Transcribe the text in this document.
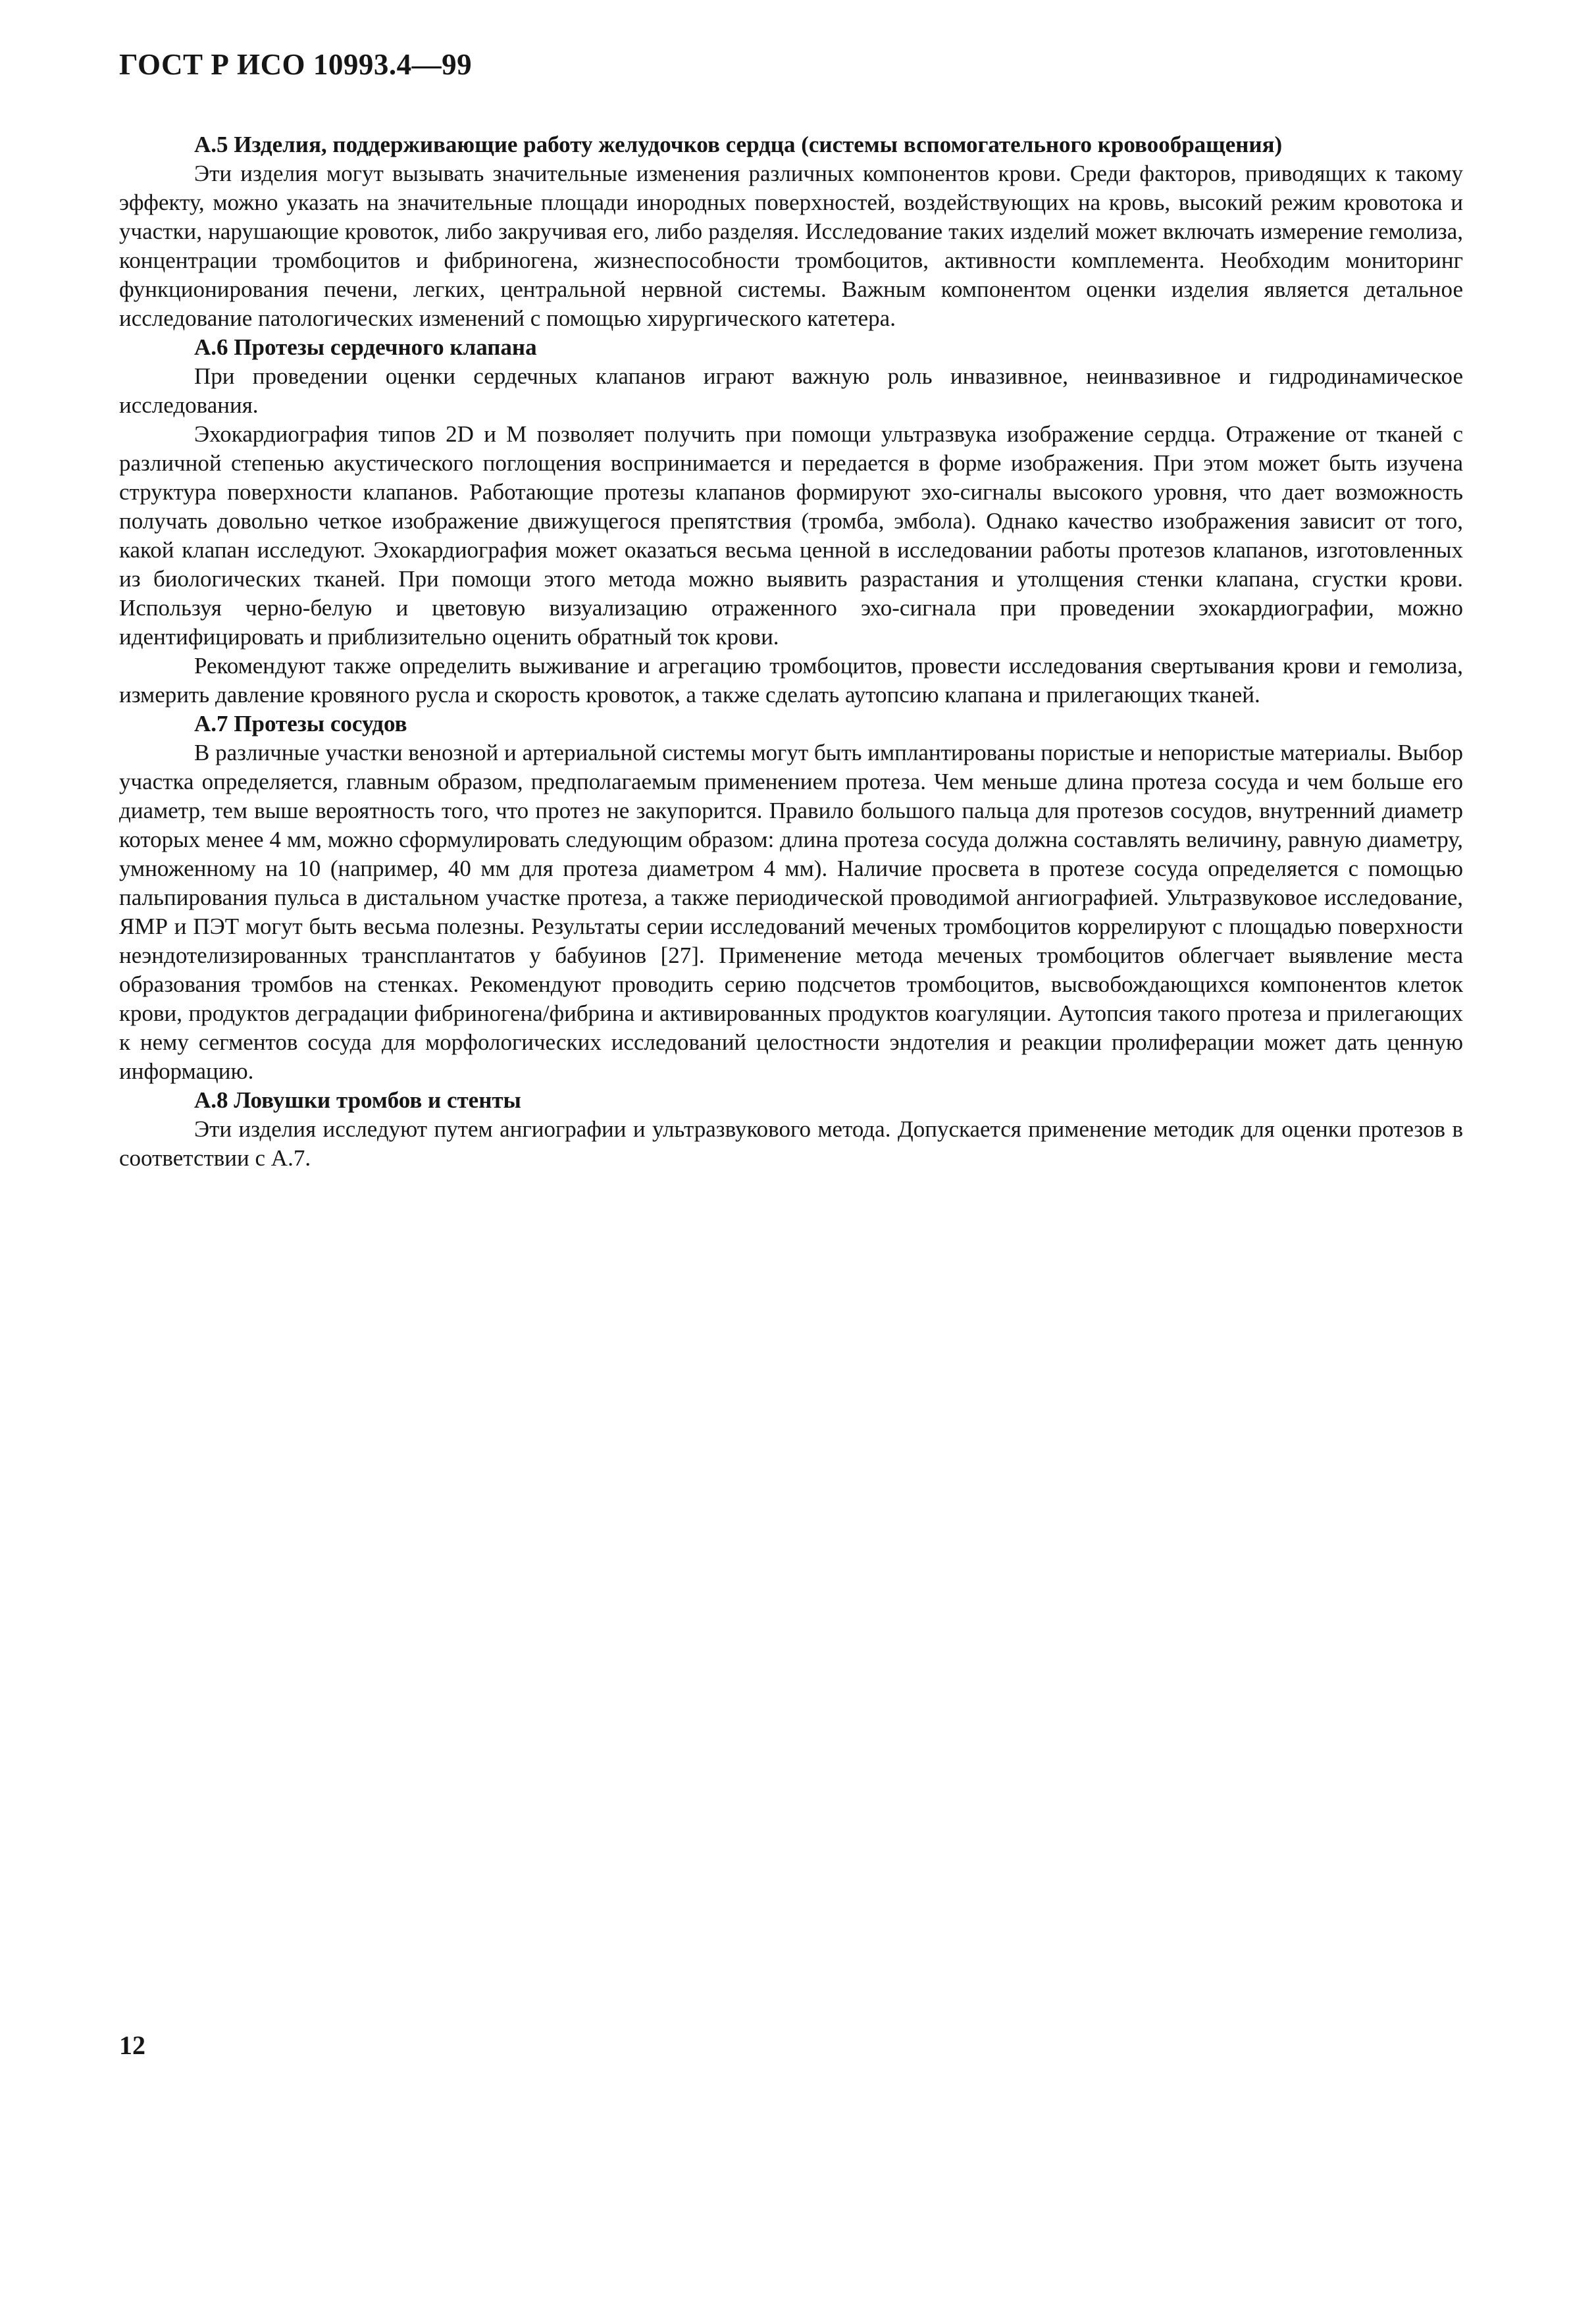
ГОСТ Р ИСО 10993.4—99

А.5 Изделия, поддерживающие работу желудочков сердца (системы вспомогательного кровообращения)

Эти изделия могут вызывать значительные изменения различных компонентов крови. Среди факторов, приводящих к такому эффекту, можно указать на значительные площади инородных поверхностей, воздействующих на кровь, высокий режим кровотока и участки, нарушающие кровоток, либо закручивая его, либо разделяя. Исследование таких изделий может включать измерение гемолиза, концентрации тромбоцитов и фибриногена, жизнеспособности тромбоцитов, активности комплемента. Необходим мониторинг функционирования печени, легких, центральной нервной системы. Важным компонентом оценки изделия является детальное исследование патологических изменений с помощью хирургического катетера.

А.6 Протезы сердечного клапана

При проведении оценки сердечных клапанов играют важную роль инвазивное, неинвазивное и гидродинамическое исследования.

Эхокардиография типов 2D и М позволяет получить при помощи ультразвука изображение сердца. Отражение от тканей с различной степенью акустического поглощения воспринимается и передается в форме изображения. При этом может быть изучена структура поверхности клапанов. Работающие протезы клапанов формируют эхо-сигналы высокого уровня, что дает возможность получать довольно четкое изображение движущегося препятствия (тромба, эмбола). Однако качество изображения зависит от того, какой клапан исследуют. Эхокардиография может оказаться весьма ценной в исследовании работы протезов клапанов, изготовленных из биологических тканей. При помощи этого метода можно выявить разрастания и утолщения стенки клапана, сгустки крови. Используя черно-белую и цветовую визуализацию отраженного эхо-сигнала при проведении эхокардиографии, можно идентифицировать и приблизительно оценить обратный ток крови.

Рекомендуют также определить выживание и агрегацию тромбоцитов, провести исследования свертывания крови и гемолиза, измерить давление кровяного русла и скорость кровоток, а также сделать аутопсию клапана и прилегающих тканей.

А.7 Протезы сосудов

В различные участки венозной и артериальной системы могут быть имплантированы пористые и непористые материалы. Выбор участка определяется, главным образом, предполагаемым применением протеза. Чем меньше длина протеза сосуда и чем больше его диаметр, тем выше вероятность того, что протез не закупорится. Правило большого пальца для протезов сосудов, внутренний диаметр которых менее 4 мм, можно сформулировать следующим образом: длина протеза сосуда должна составлять величину, равную диаметру, умноженному на 10 (например, 40 мм для протеза диаметром 4 мм). Наличие просвета в протезе сосуда определяется с помощью пальпирования пульса в дистальном участке протеза, а также периодической проводимой ангиографией. Ультразвуковое исследование, ЯМР и ПЭТ могут быть весьма полезны. Результаты серии исследований меченых тромбоцитов коррелируют с площадью поверхности неэндотелизированных трансплантатов у бабуинов [27]. Применение метода меченых тромбоцитов облегчает выявление места образования тромбов на стенках. Рекомендуют проводить серию подсчетов тромбоцитов, высвобождающихся компонентов клеток крови, продуктов деградации фибриногена/фибрина и активированных продуктов коагуляции. Аутопсия такого протеза и прилегающих к нему сегментов сосуда для морфологических исследований целостности эндотелия и реакции пролиферации может дать ценную информацию.

А.8 Ловушки тромбов и стенты

Эти изделия исследуют путем ангиографии и ультразвукового метода. Допускается применение методик для оценки протезов в соответствии с А.7.

12
